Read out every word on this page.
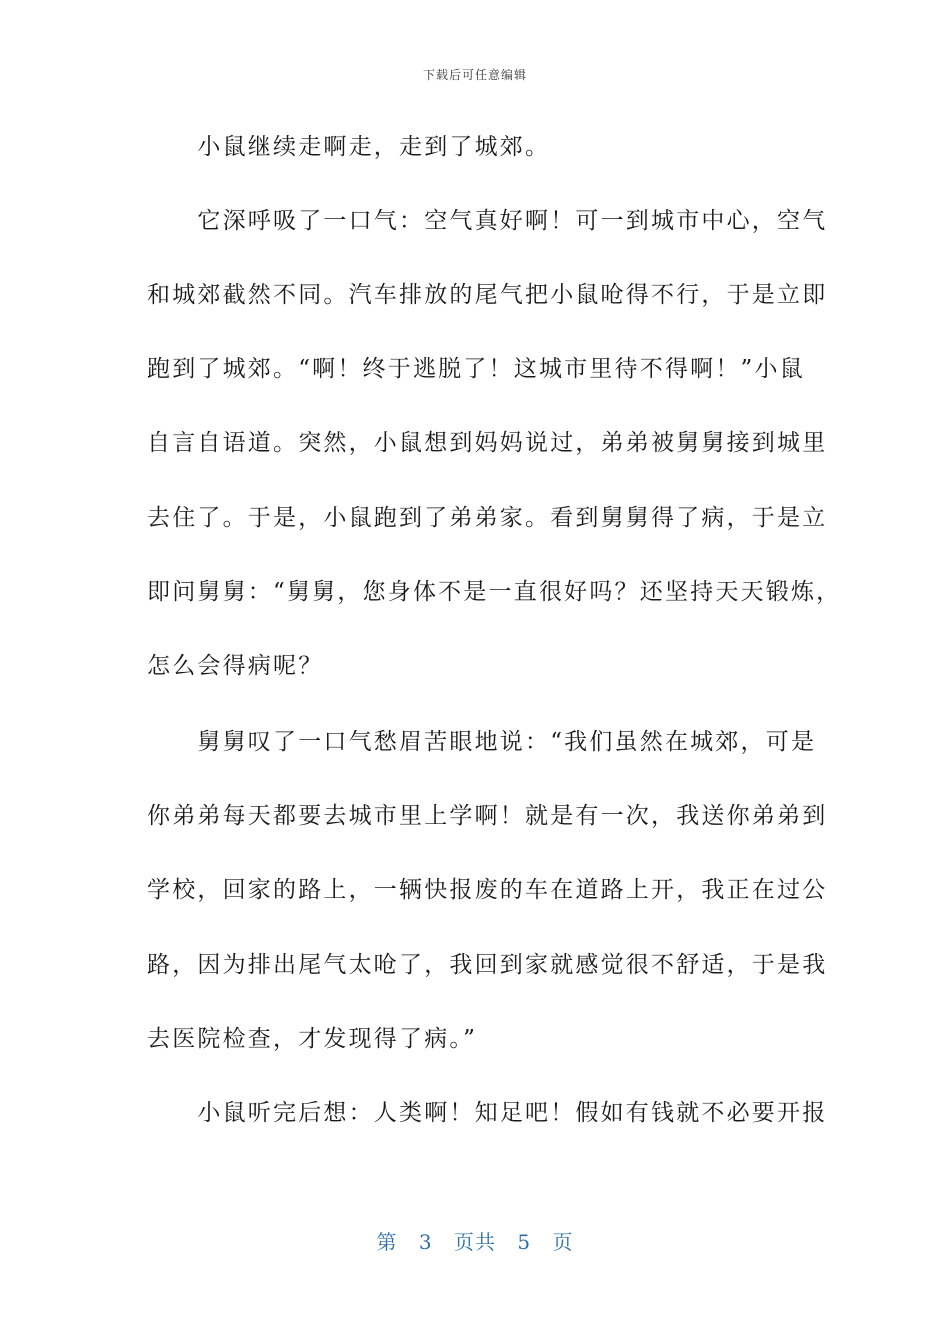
下载后可任意编辑
　　小鼠继续走啊走，走到了城郊。
　　它深呼吸了一口气：空气真好啊！可一到城市中心，空气
和城郊截然不同。汽车排放的尾气把小鼠呛得不行，于是立即
跑到了城郊。“啊！终于逃脱了！这城市里待不得啊！”小鼠
自言自语道。突然，小鼠想到妈妈说过，弟弟被舅舅接到城里
去住了。于是，小鼠跑到了弟弟家。看到舅舅得了病，于是立
即问舅舅：“舅舅，您身体不是一直很好吗？还坚持天天锻炼，
怎么会得病呢？
　　舅舅叹了一口气愁眉苦眼地说：“我们虽然在城郊，可是
你弟弟每天都要去城市里上学啊！就是有一次，我送你弟弟到
学校，回家的路上，一辆快报废的车在道路上开，我正在过公
路，因为排出尾气太呛了，我回到家就感觉很不舒适，于是我
去医院检查，才发现得了病。”
　　小鼠听完后想：人类啊！知足吧！假如有钱就不必要开报
第 3 页共 5 页
